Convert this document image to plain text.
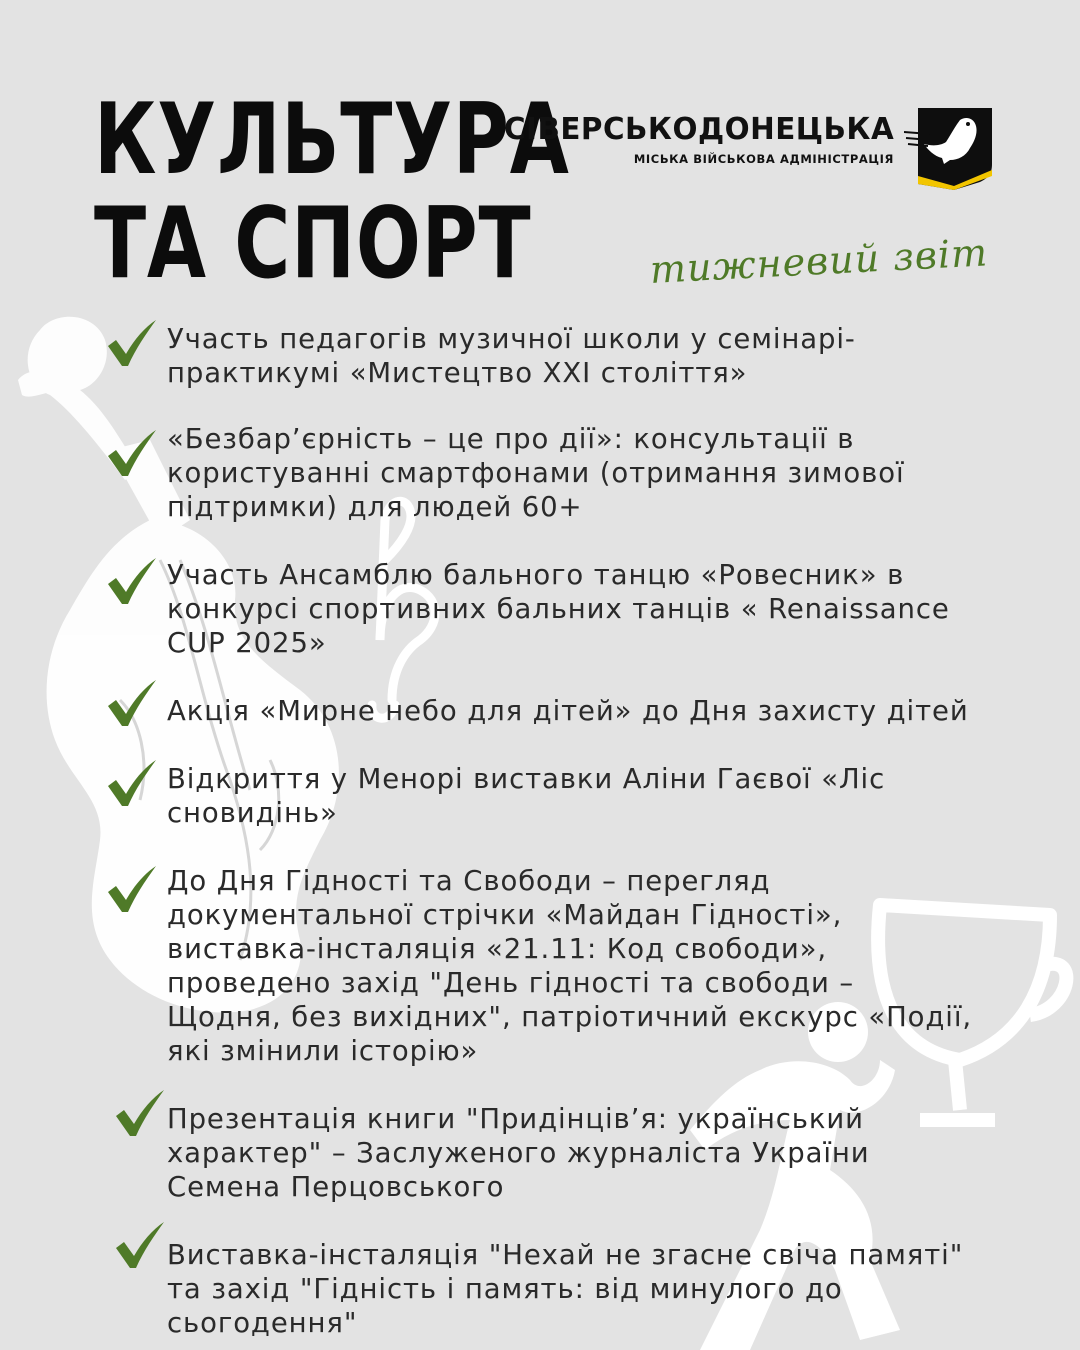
КУЛЬТУРА
ТА СПОРТ
СІВЕРСЬКОДОНЕЦЬКА
МІСЬКА ВІЙСЬКОВА АДМІНІСТРАЦІЯ
тижневий звіт
Участь педагогів музичної школи у семінарі-
практикумі «Мистецтво XXI століття»
«Безбар’єрність – це про дії»: консультації в
користуванні смартфонами (отримання зимової
підтримки) для людей 60+
Участь Ансамблю бального танцю «Ровесник» в
конкурсі спортивних бальних танців « Renaissance
CUP 2025»
Акція «Мирне небо для дітей» до Дня захисту дітей
Відкриття у Менорі виставки Аліни Гаєвої «Ліс
сновидінь»
До Дня Гідності та Свободи – перегляд
документальної стрічки «Майдан Гідності»,
виставка-інсталяція «21.11: Код свободи»,
проведено захід "День гідності та свободи –
Щодня, без вихідних", патріотичний екскурс «Події,
які змінили історію»
Презентація книги "Придінців’я: український
характер" – Заслуженого журналіста України
Семена Перцовського
Виставка-інсталяція "Нехай не згасне свіча памяті"
та захід "Гідність і память: від минулого до
сьогодення"
